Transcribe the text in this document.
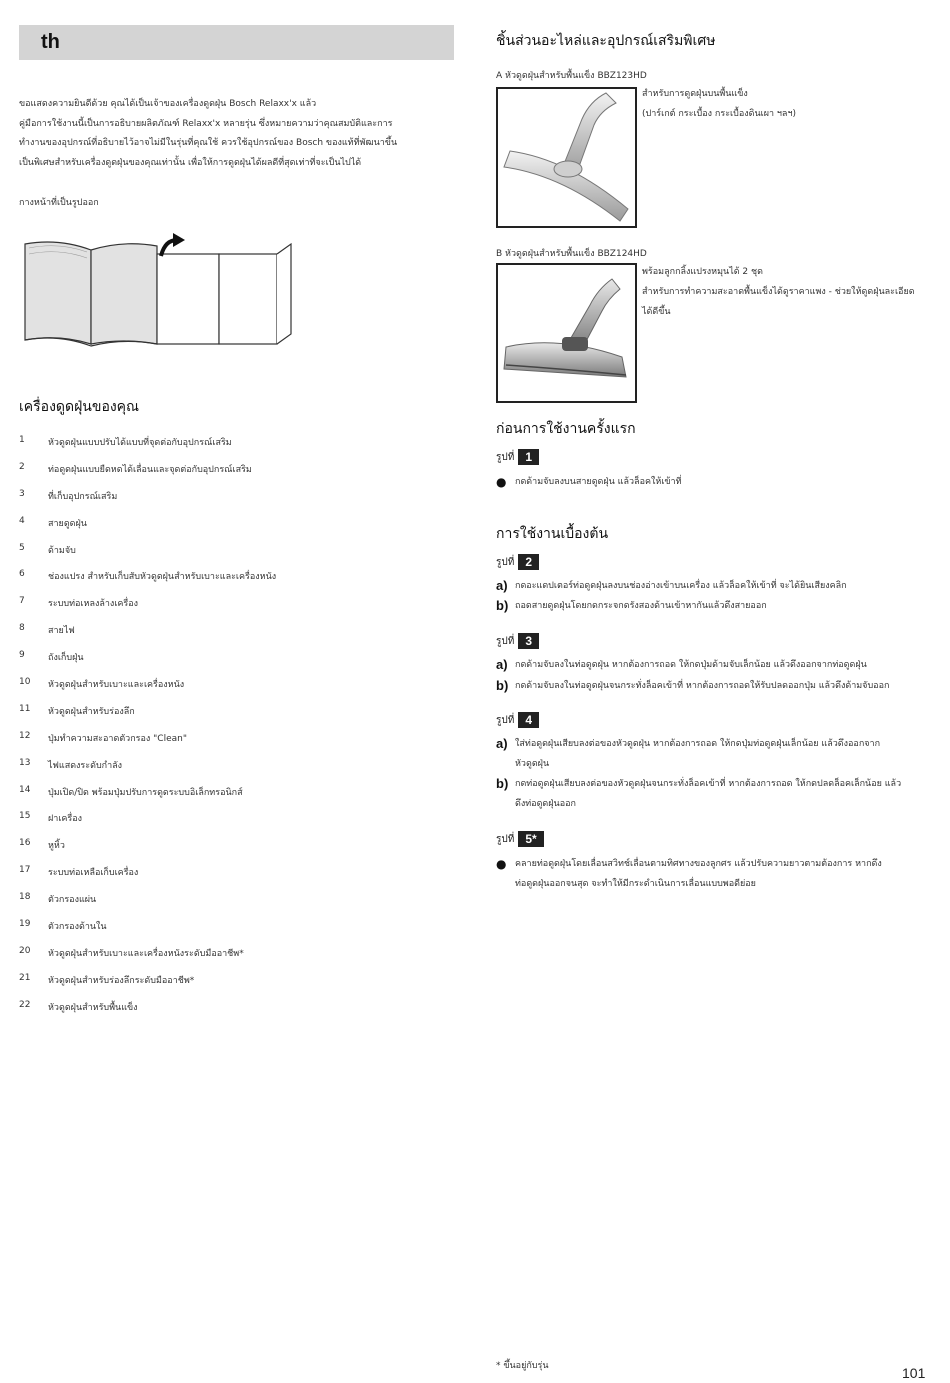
th

ขอแสดงความยินดีด้วย คุณได้เป็นเจ้าของเครื่องดูดฝุ่น Bosch Relaxx'x แล้ว

คู่มือการใช้งานนี้เป็นการอธิบายผลิตภัณฑ์ Relaxx'x หลายรุ่น ซึ่งหมายความว่าคุณสมบัติและการ

ทำงานของอุปกรณ์ที่อธิบายไว้อาจไม่มีในรุ่นที่คุณใช้ ควรใช้อุปกรณ์ของ Bosch ของแท้ที่พัฒนาขึ้น

เป็นพิเศษสำหรับเครื่องดูดฝุ่นของคุณเท่านั้น เพื่อให้การดูดฝุ่นได้ผลดีที่สุดเท่าที่จะเป็นไปได้

กางหน้าที่เป็นรูปออก
เครื่องดูดฝุ่นของคุณ
1	หัวดูดฝุ่นแบบปรับได้แบบที่จุดต่อกับอุปกรณ์เสริม
2	ท่อดูดฝุ่นแบบยืดหดได้เลื่อนและจุดต่อกับอุปกรณ์เสริม
3	ที่เก็บอุปกรณ์เสริม
4	สายดูดฝุ่น
5	ด้ามจับ
6	ช่องแปรง สำหรับเก็บสับหัวดูดฝุ่นสำหรับเบาะและเครื่องหนัง
7	ระบบท่อเหลงล้างเครื่อง
8	สายไฟ
9	ถังเก็บฝุ่น
10	หัวดูดฝุ่นสำหรับเบาะและเครื่องหนัง
11	หัวดูดฝุ่นสำหรับร่องลึก
12	ปุ่มทำความสะอาดตัวกรอง "Clean"
13	ไฟแสดงระดับกำลัง
14	ปุ่มเปิด/ปิด พร้อมปุ่มปรับการดูดระบบอิเล็กทรอนิกส์
15	ฝาเครื่อง
16	หูหิ้ว
17	ระบบท่อเหลือเก็บเครื่อง
18	ตัวกรองแผ่น
19	ตัวกรองด้านใน
20	หัวดูดฝุ่นสำหรับเบาะและเครื่องหนังระดับมืออาชีพ*
21	หัวดูดฝุ่นสำหรับร่องลึกระดับมืออาชีพ*
22	หัวดูดฝุ่นสำหรับพื้นแข็ง
ชิ้นส่วนอะไหล่และอุปกรณ์เสริมพิเศษ
A หัวดูดฝุ่นสำหรับพื้นแข็ง BBZ123HD
สำหรับการดูดฝุ่นบนพื้นแข็ง
(ปาร์เกต์ กระเบื้อง กระเบื้องดินเผา ฯลฯ)
B หัวดูดฝุ่นสำหรับพื้นแข็ง BBZ124HD
พร้อมลูกกลิ้งแปรงหมุนได้ 2 ชุด
สำหรับการทำความสะอาดพื้นแข็งได้ดูราคาแพง - ช่วยให้ดูดฝุ่นละเอียด
ได้ดีขึ้น
ก่อนการใช้งานครั้งแรก
รูปที่ 1
● กดด้ามจับลงบนสายดูดฝุ่น แล้วล็อคให้เข้าที่
การใช้งานเบื้องต้น
รูปที่ 2
a) กดอะแดปเตอร์ท่อดูดฝุ่นลงบนช่องอ่างเข้าบนเครื่อง แล้วล็อคให้เข้าที่ จะได้ยินเสียงคลิก
b) ถอดสายดูดฝุ่นโดยกดกระจกดรังสองด้านเข้าหากันแล้วดึงสายออก
รูปที่ 3
a) กดด้ามจับลงในท่อดูดฝุ่น หากต้องการถอด ให้กดปุ่มด้ามจับเล็กน้อย แล้วดึงออกจากท่อดูดฝุ่น
b) กดด้ามจับลงในท่อดูดฝุ่นจนกระทั่งล็อคเข้าที่ หากต้องการถอดให้รับปลดออกปุ่ม แล้วดึงด้ามจับออก
รูปที่ 4
a) ใส่ท่อดูดฝุ่นเสียบลงต่อของหัวดูดฝุ่น หากต้องการถอด ให้กดปุ่มท่อดูดฝุ่นเล็กน้อย แล้วดึงออกจาก
หัวดูดฝุ่น
b) กดท่อดูดฝุ่นเสียบลงต่อของหัวดูดฝุ่นจนกระทั่งล็อคเข้าที่ หากต้องการถอด ให้กดปลดล็อคเล็กน้อย แล้ว
ดึงท่อดูดฝุ่นออก
รูปที่ 5*
● คลายท่อดูดฝุ่นโดยเลื่อนสวิทช์เลื่อนตามทิศทางของลูกศร แล้วปรับความยาวตามต้องการ หากดึง
ท่อดูดฝุ่นออกจนสุด จะทำให้มีกระดำเนินการเลื่อนแบบพอดีย่อย
* ขึ้นอยู่กับรุ่น	101
